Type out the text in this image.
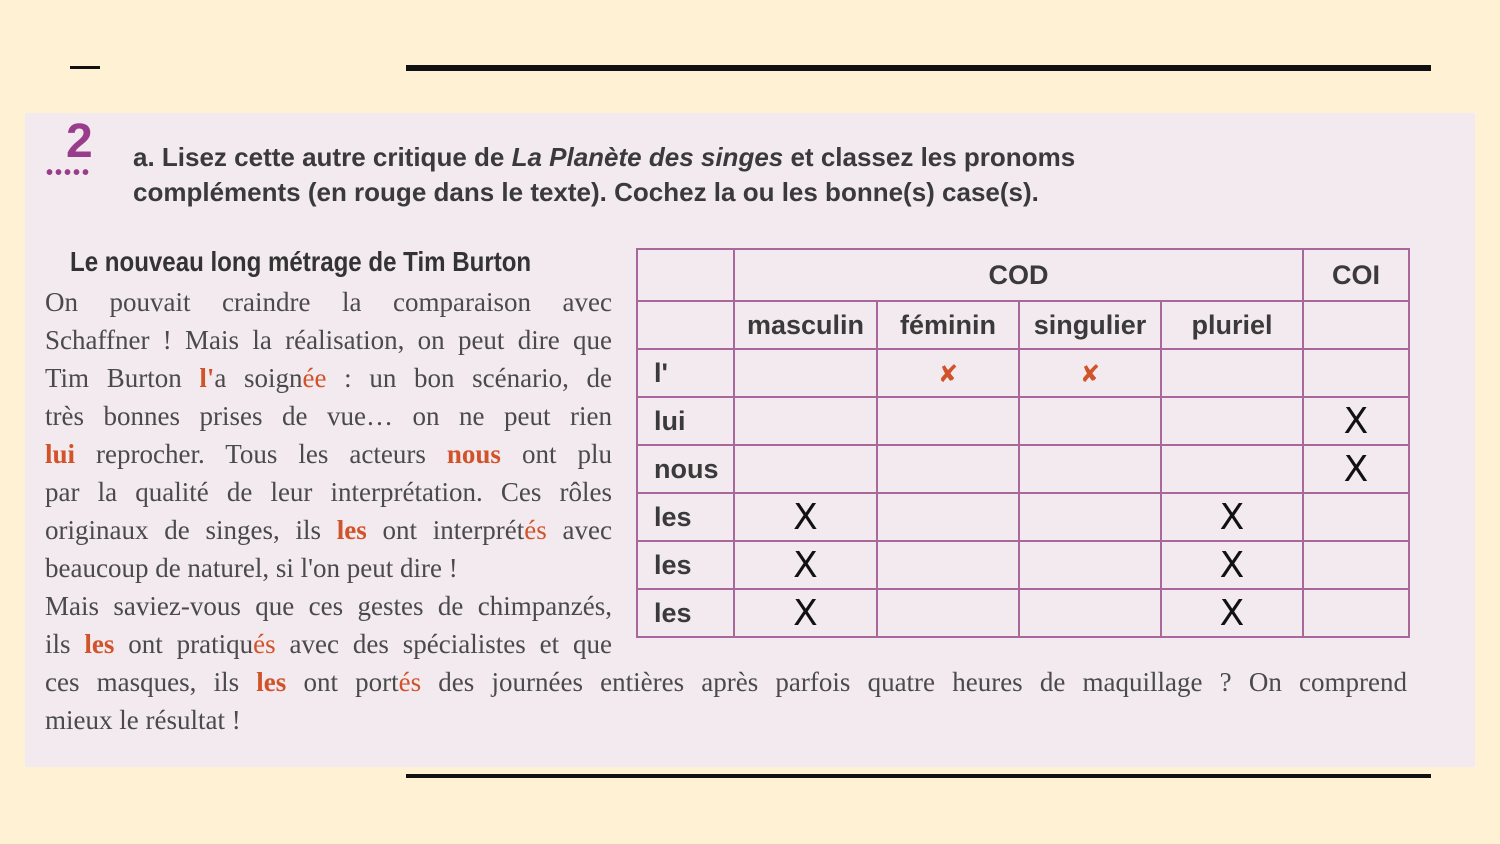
2
•••••
a. Lisez cette autre critique de La Planète des singes et classez les pronoms
compléments (en rouge dans le texte). Cochez la ou les bonne(s) case(s).
Le nouveau long métrage de Tim Burton
On pouvait craindre la comparaison avec
Schaffner ! Mais la réalisation, on peut dire que
Tim Burton l'a soignée : un bon scénario, de
très bonnes prises de vue… on ne peut rien
lui reprocher. Tous les acteurs nous ont plu
par la qualité de leur interprétation. Ces rôles
originaux de singes, ils les ont interprétés avec
beaucoup de naturel, si l'on peut dire !
Mais saviez-vous que ces gestes de chimpanzés,
ils les ont pratiqués avec des spécialistes et que
ces masques, ils les ont portés des journées entières après parfois quatre heures de maquillage ? On comprend
mieux le résultat !
	COD				COI
	masculin	féminin	singulier	pluriel	
l'		✘	✘		
lui					X
nous					X
les	X			X	
les	X			X	
les	X			X	
